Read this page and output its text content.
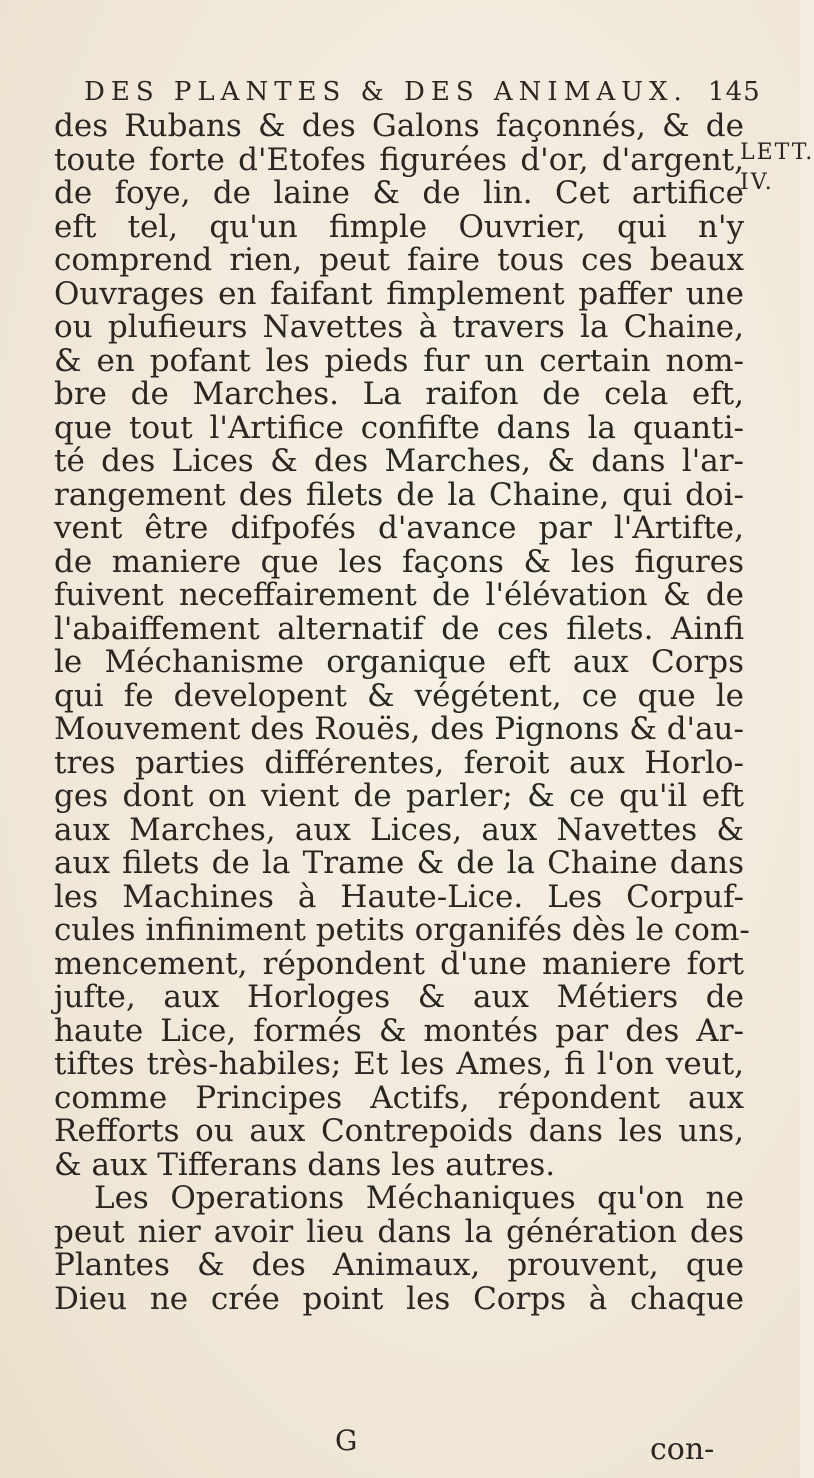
DES PLANTES & DES ANIMAUX. 145
LETT.
IV.
des Rubans & des Galons façonnés, & de
toute forte d'Etofes figurées d'or, d'argent,
de foye, de laine & de lin. Cet artifice
eft tel, qu'un fimple Ouvrier, qui n'y
comprend rien, peut faire tous ces beaux
Ouvrages en faifant fimplement paffer une
ou plufieurs Navettes à travers la Chaine,
& en pofant les pieds fur un certain nom-
bre de Marches. La raifon de cela eft,
que tout l'Artifice confifte dans la quanti-
té des Lices & des Marches, & dans l'ar-
rangement des filets de la Chaine, qui doi-
vent être difpofés d'avance par l'Artifte,
de maniere que les façons & les figures
fuivent neceffairement de l'élévation & de
l'abaiffement alternatif de ces filets. Ainfi
le Méchanisme organique eft aux Corps
qui fe developent & végétent, ce que le
Mouvement des Rouës, des Pignons & d'au-
tres parties différentes, feroit aux Horlo-
ges dont on vient de parler; & ce qu'il eft
aux Marches, aux Lices, aux Navettes &
aux filets de la Trame & de la Chaine dans
les Machines à Haute-Lice. Les Corpuf-
cules infiniment petits organifés dès le com-
mencement, répondent d'une maniere fort
jufte, aux Horloges & aux Métiers de
haute Lice, formés & montés par des Ar-
tiftes très-habiles; Et les Ames, fi l'on veut,
comme Principes Actifs, répondent aux
Refforts ou aux Contrepoids dans les uns,
& aux Tifferans dans les autres.
Les Operations Méchaniques qu'on ne
peut nier avoir lieu dans la génération des
Plantes & des Animaux, prouvent, que
Dieu ne crée point les Corps à chaque
G	con-
